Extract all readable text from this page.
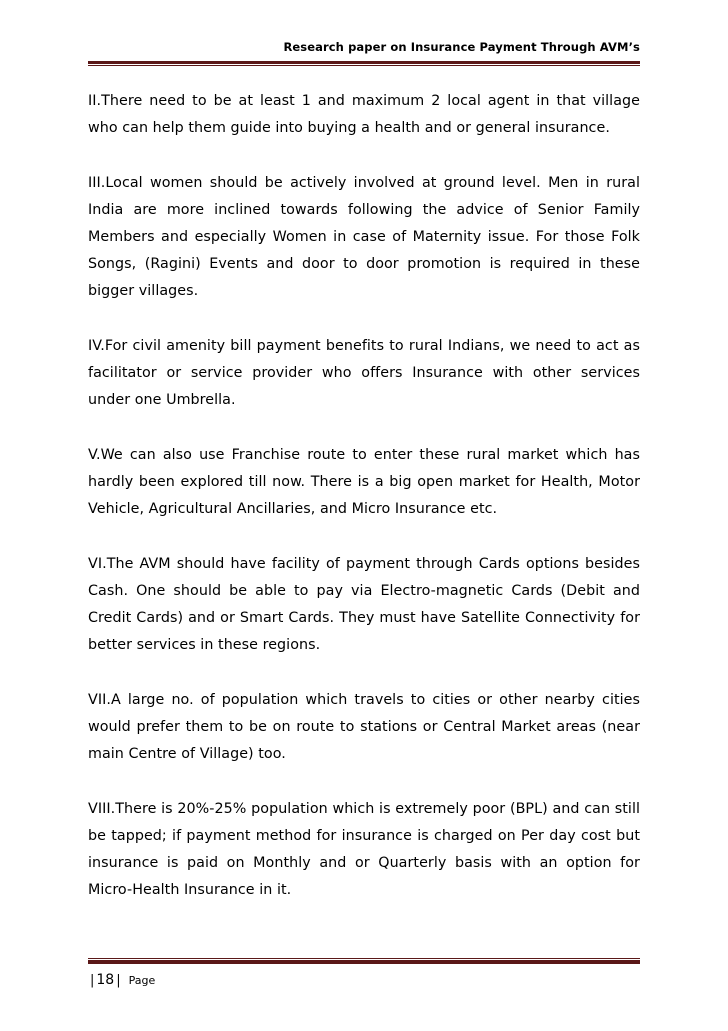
Research paper on Insurance Payment Through AVM’s

II.There need to be at least 1 and maximum 2 local agent in that village who can help them guide into buying a health and or general insurance.

III.Local women should be actively involved at ground level. Men in rural India are more inclined towards following the advice of Senior Family Members and especially Women in case of Maternity issue. For those Folk Songs, (Ragini) Events and door to door promotion is required in these bigger villages.

IV.For civil amenity bill payment benefits to rural Indians, we need to act as facilitator or service provider who offers Insurance with other services under one Umbrella.

V.We can also use Franchise route to enter these rural market which has hardly been explored till now. There is a big open market for Health, Motor Vehicle, Agricultural Ancillaries, and Micro Insurance etc.

VI.The AVM should have facility of payment through Cards options besides Cash. One should be able to pay via Electro-magnetic Cards (Debit and Credit Cards) and or Smart Cards. They must have Satellite Connectivity for better services in these regions.

VII.A large no. of population which travels to cities or other nearby cities would prefer them to be on route to stations or Central Market areas (near main Centre of Village) too.

VIII.There is 20%-25% population which is extremely poor (BPL) and can still be tapped; if payment method for insurance is charged on Per day cost but insurance is paid on Monthly and or Quarterly basis with an option for Micro-Health Insurance in it.

| 18 | Page
